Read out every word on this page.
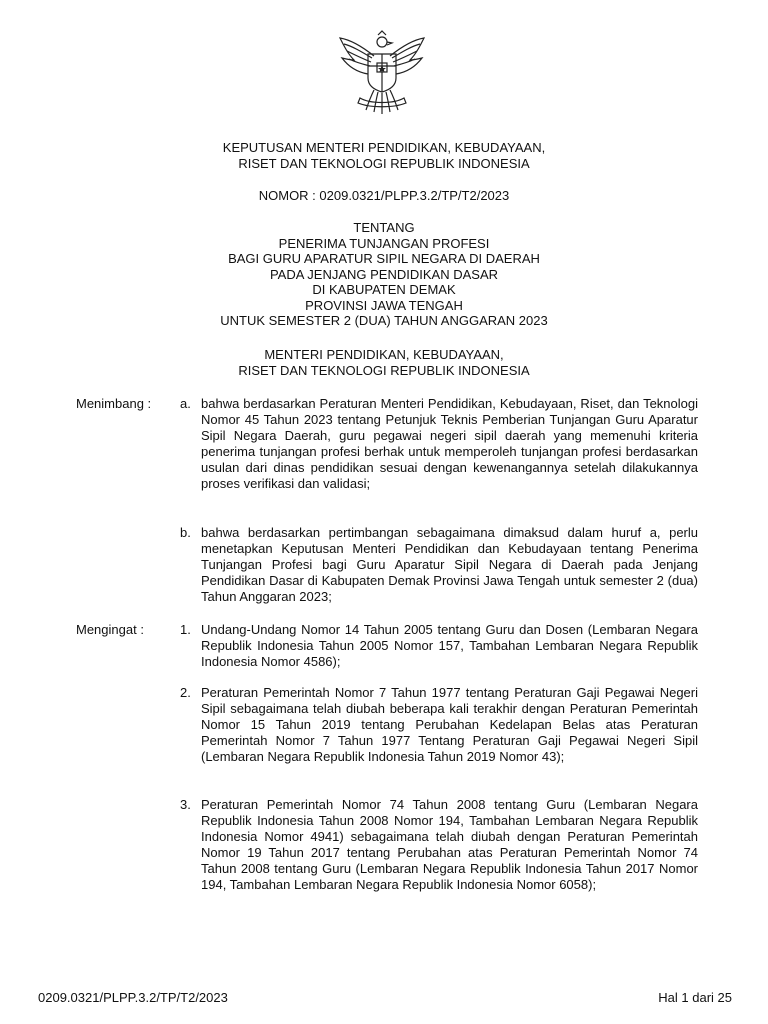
KEPUTUSAN MENTERI PENDIDIKAN, KEBUDAYAAN,
RISET DAN TEKNOLOGI REPUBLIK INDONESIA
NOMOR : 0209.0321/PLPP.3.2/TP/T2/2023
TENTANG
PENERIMA TUNJANGAN PROFESI
BAGI GURU APARATUR SIPIL NEGARA DI DAERAH
PADA JENJANG PENDIDIKAN DASAR
DI KABUPATEN DEMAK
PROVINSI JAWA TENGAH
UNTUK SEMESTER 2 (DUA) TAHUN ANGGARAN 2023
MENTERI PENDIDIKAN, KEBUDAYAAN,
RISET DAN TEKNOLOGI REPUBLIK INDONESIA
Menimbang : a. bahwa berdasarkan Peraturan Menteri Pendidikan, Kebudayaan, Riset, dan Teknologi Nomor 45 Tahun 2023 tentang Petunjuk Teknis Pemberian Tunjangan Guru Aparatur Sipil Negara Daerah, guru pegawai negeri sipil daerah yang memenuhi kriteria penerima tunjangan profesi berhak untuk memperoleh tunjangan profesi berdasarkan usulan dari dinas pendidikan sesuai dengan kewenangannya setelah dilakukannya proses verifikasi dan validasi;
b. bahwa berdasarkan pertimbangan sebagaimana dimaksud dalam huruf a, perlu menetapkan Keputusan Menteri Pendidikan dan Kebudayaan tentang Penerima Tunjangan Profesi bagi Guru Aparatur Sipil Negara di Daerah pada Jenjang Pendidikan Dasar di Kabupaten Demak Provinsi Jawa Tengah untuk semester 2 (dua) Tahun Anggaran 2023;
Mengingat :	1. Undang-Undang Nomor 14 Tahun 2005 tentang Guru dan Dosen (Lembaran Negara Republik Indonesia Tahun 2005 Nomor 157, Tambahan Lembaran Negara Republik Indonesia Nomor 4586);
2. Peraturan Pemerintah Nomor 7 Tahun 1977 tentang Peraturan Gaji Pegawai Negeri Sipil sebagaimana telah diubah beberapa kali terakhir dengan Peraturan Pemerintah Nomor 15 Tahun 2019 tentang Perubahan Kedelapan Belas atas Peraturan Pemerintah Nomor 7 Tahun 1977 Tentang Peraturan Gaji Pegawai Negeri Sipil (Lembaran Negara Republik Indonesia Tahun 2019 Nomor 43);
3. Peraturan Pemerintah Nomor 74 Tahun 2008 tentang Guru (Lembaran Negara Republik Indonesia Tahun 2008 Nomor 194, Tambahan Lembaran Negara Republik Indonesia Nomor 4941) sebagaimana telah diubah dengan Peraturan Pemerintah Nomor 19 Tahun 2017 tentang Perubahan atas Peraturan Pemerintah Nomor 74 Tahun 2008 tentang Guru (Lembaran Negara Republik Indonesia Tahun 2017 Nomor 194, Tambahan Lembaran Negara Republik Indonesia Nomor 6058);
0209.0321/PLPP.3.2/TP/T2/2023	Hal 1 dari 25
